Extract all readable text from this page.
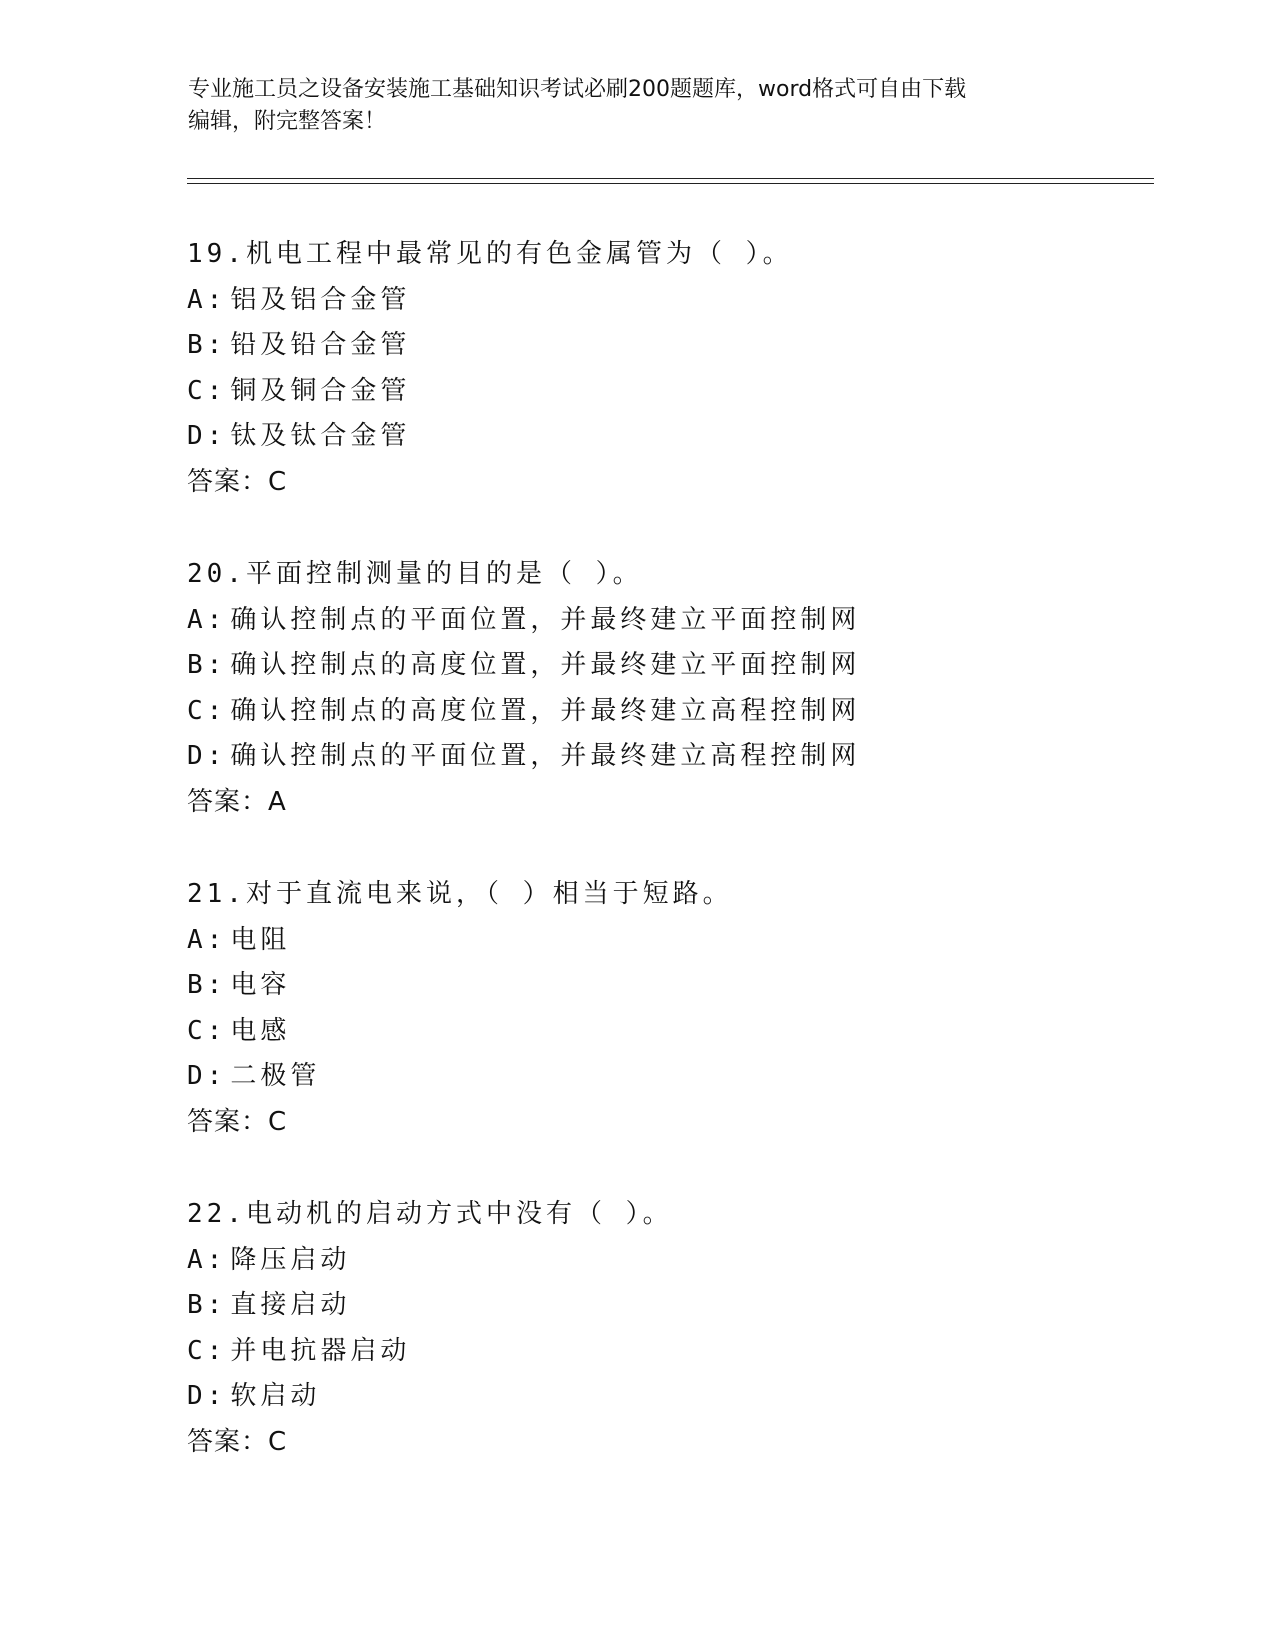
专业施工员之设备安装施工基础知识考试必刷200题题库，word格式可自由下载
编辑，附完整答案！
19.机电工程中最常见的有色金属管为（ ）。
A: 铝及铝合金管
B: 铅及铅合金管
C: 铜及铜合金管
D: 钛及钛合金管
答案：C
20.平面控制测量的目的是（ ）。
A: 确认控制点的平面位置，并最终建立平面控制网
B: 确认控制点的高度位置，并最终建立平面控制网
C: 确认控制点的高度位置，并最终建立高程控制网
D: 确认控制点的平面位置，并最终建立高程控制网
答案：A
21.对于直流电来说，（ ）相当于短路。
A: 电阻
B: 电容
C: 电感
D: 二极管
答案：C
22.电动机的启动方式中没有（ ）。
A: 降压启动
B: 直接启动
C: 并电抗器启动
D: 软启动
答案：C
